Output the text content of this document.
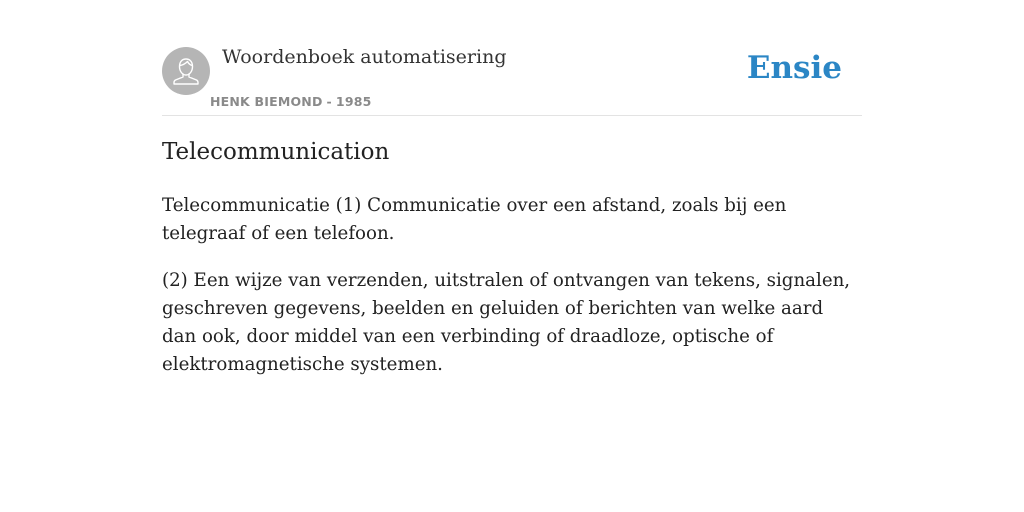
Woordenboek automatisering
HENK BIEMOND - 1985
Ensie
Telecommunication

Telecommunicatie (1) Communicatie over een afstand, zoals bij een telegraaf of een telefoon.

(2) Een wijze van verzenden, uitstralen of ontvangen van tekens, signalen, geschreven gegevens, beelden en geluiden of berichten van welke aard dan ook, door middel van een verbinding of draadloze, optische of elektromagnetische systemen.
